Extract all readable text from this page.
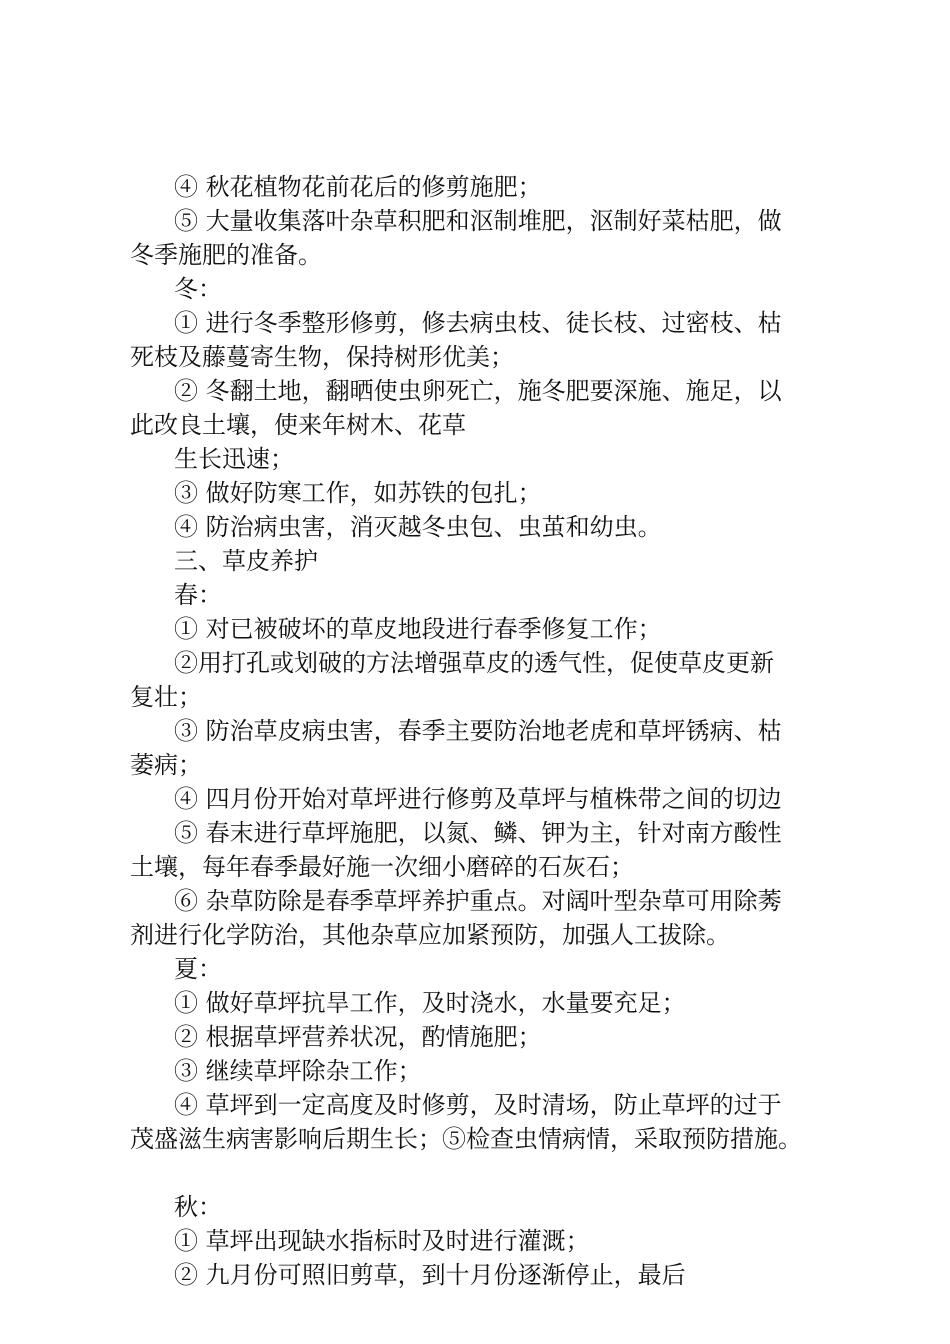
④ 秋花植物花前花后的修剪施肥；
⑤ 大量收集落叶杂草积肥和沤制堆肥，沤制好菜枯肥，做
冬季施肥的准备。
冬：
① 进行冬季整形修剪，修去病虫枝、徒长枝、过密枝、枯
死枝及藤蔓寄生物，保持树形优美；
② 冬翻土地，翻晒使虫卵死亡，施冬肥要深施、施足，以
此改良土壤，使来年树木、花草
生长迅速；
③ 做好防寒工作，如苏铁的包扎；
④ 防治病虫害，消灭越冬虫包、虫茧和幼虫。
三、草皮养护
春：
① 对已被破坏的草皮地段进行春季修复工作；
②用打孔或划破的方法增强草皮的透气性，促使草皮更新
复壮；
③ 防治草皮病虫害，春季主要防治地老虎和草坪锈病、枯
萎病；
④ 四月份开始对草坪进行修剪及草坪与植株带之间的切边
⑤ 春末进行草坪施肥，以氮、鳞、钾为主，针对南方酸性
土壤，每年春季最好施一次细小磨碎的石灰石；
⑥ 杂草防除是春季草坪养护重点。对阔叶型杂草可用除莠
剂进行化学防治，其他杂草应加紧预防，加强人工拔除。
夏：
① 做好草坪抗旱工作，及时浇水，水量要充足；
② 根据草坪营养状况，酌情施肥；
③ 继续草坪除杂工作；
④ 草坪到一定高度及时修剪，及时清场，防止草坪的过于
茂盛滋生病害影响后期生长；⑤检查虫情病情，采取预防措施。
秋：
① 草坪出现缺水指标时及时进行灌溉；
② 九月份可照旧剪草，到十月份逐渐停止，最后
